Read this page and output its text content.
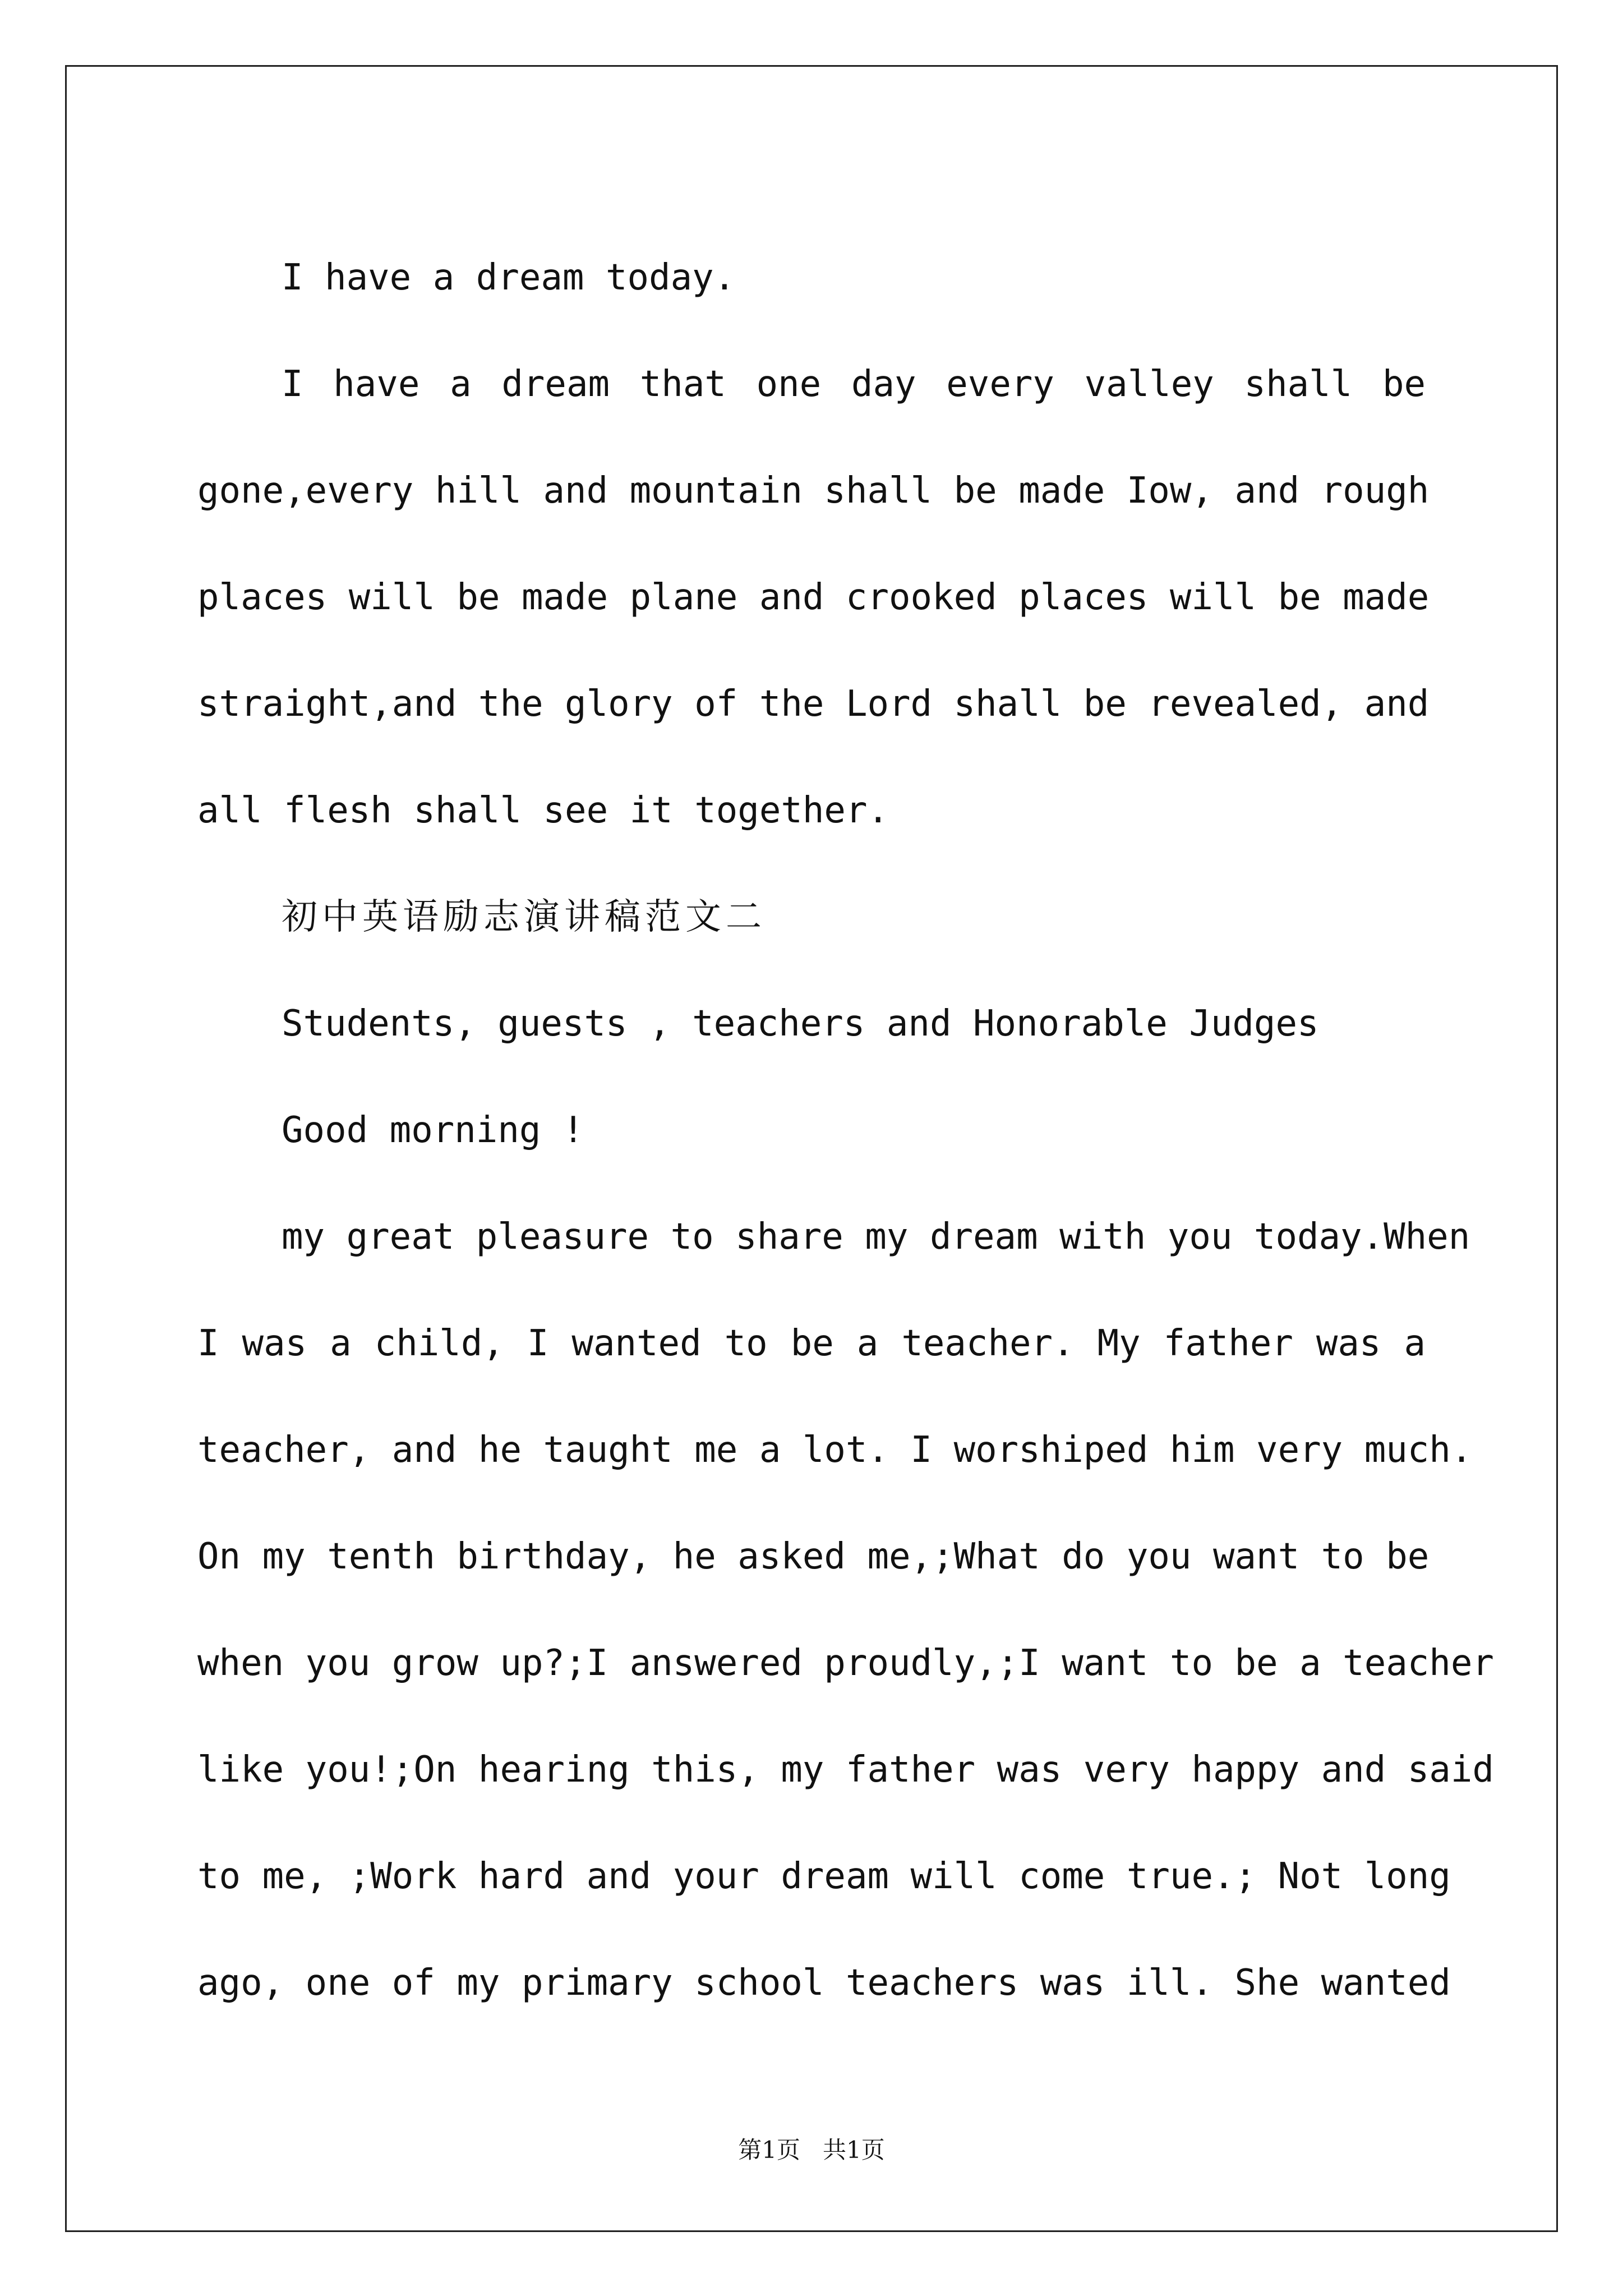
I have a dream today.
I have a dream that one day every valley shall be
gone,every hill and mountain shall be made Iow, and rough
places will be made plane and crooked places will be made
straight,and the glory of the Lord shall be revealed, and
all flesh shall see it together.
初中英语励志演讲稿范文二
Students, guests , teachers and Honorable Judges
Good morning !
my great pleasure to share my dream with you today.When
I was a child, I wanted to be a teacher. My father was a
teacher, and he taught me a lot. I worshiped him very much.
On my tenth birthday, he asked me,;What do you want to be
when you grow up?;I answered proudly,;I want to be a teacher
like you!;On hearing this, my father was very happy and said
to me, ;Work hard and your dream will come true.; Not long
ago, one of my primary school teachers was ill. She wanted
第1页   共1页
